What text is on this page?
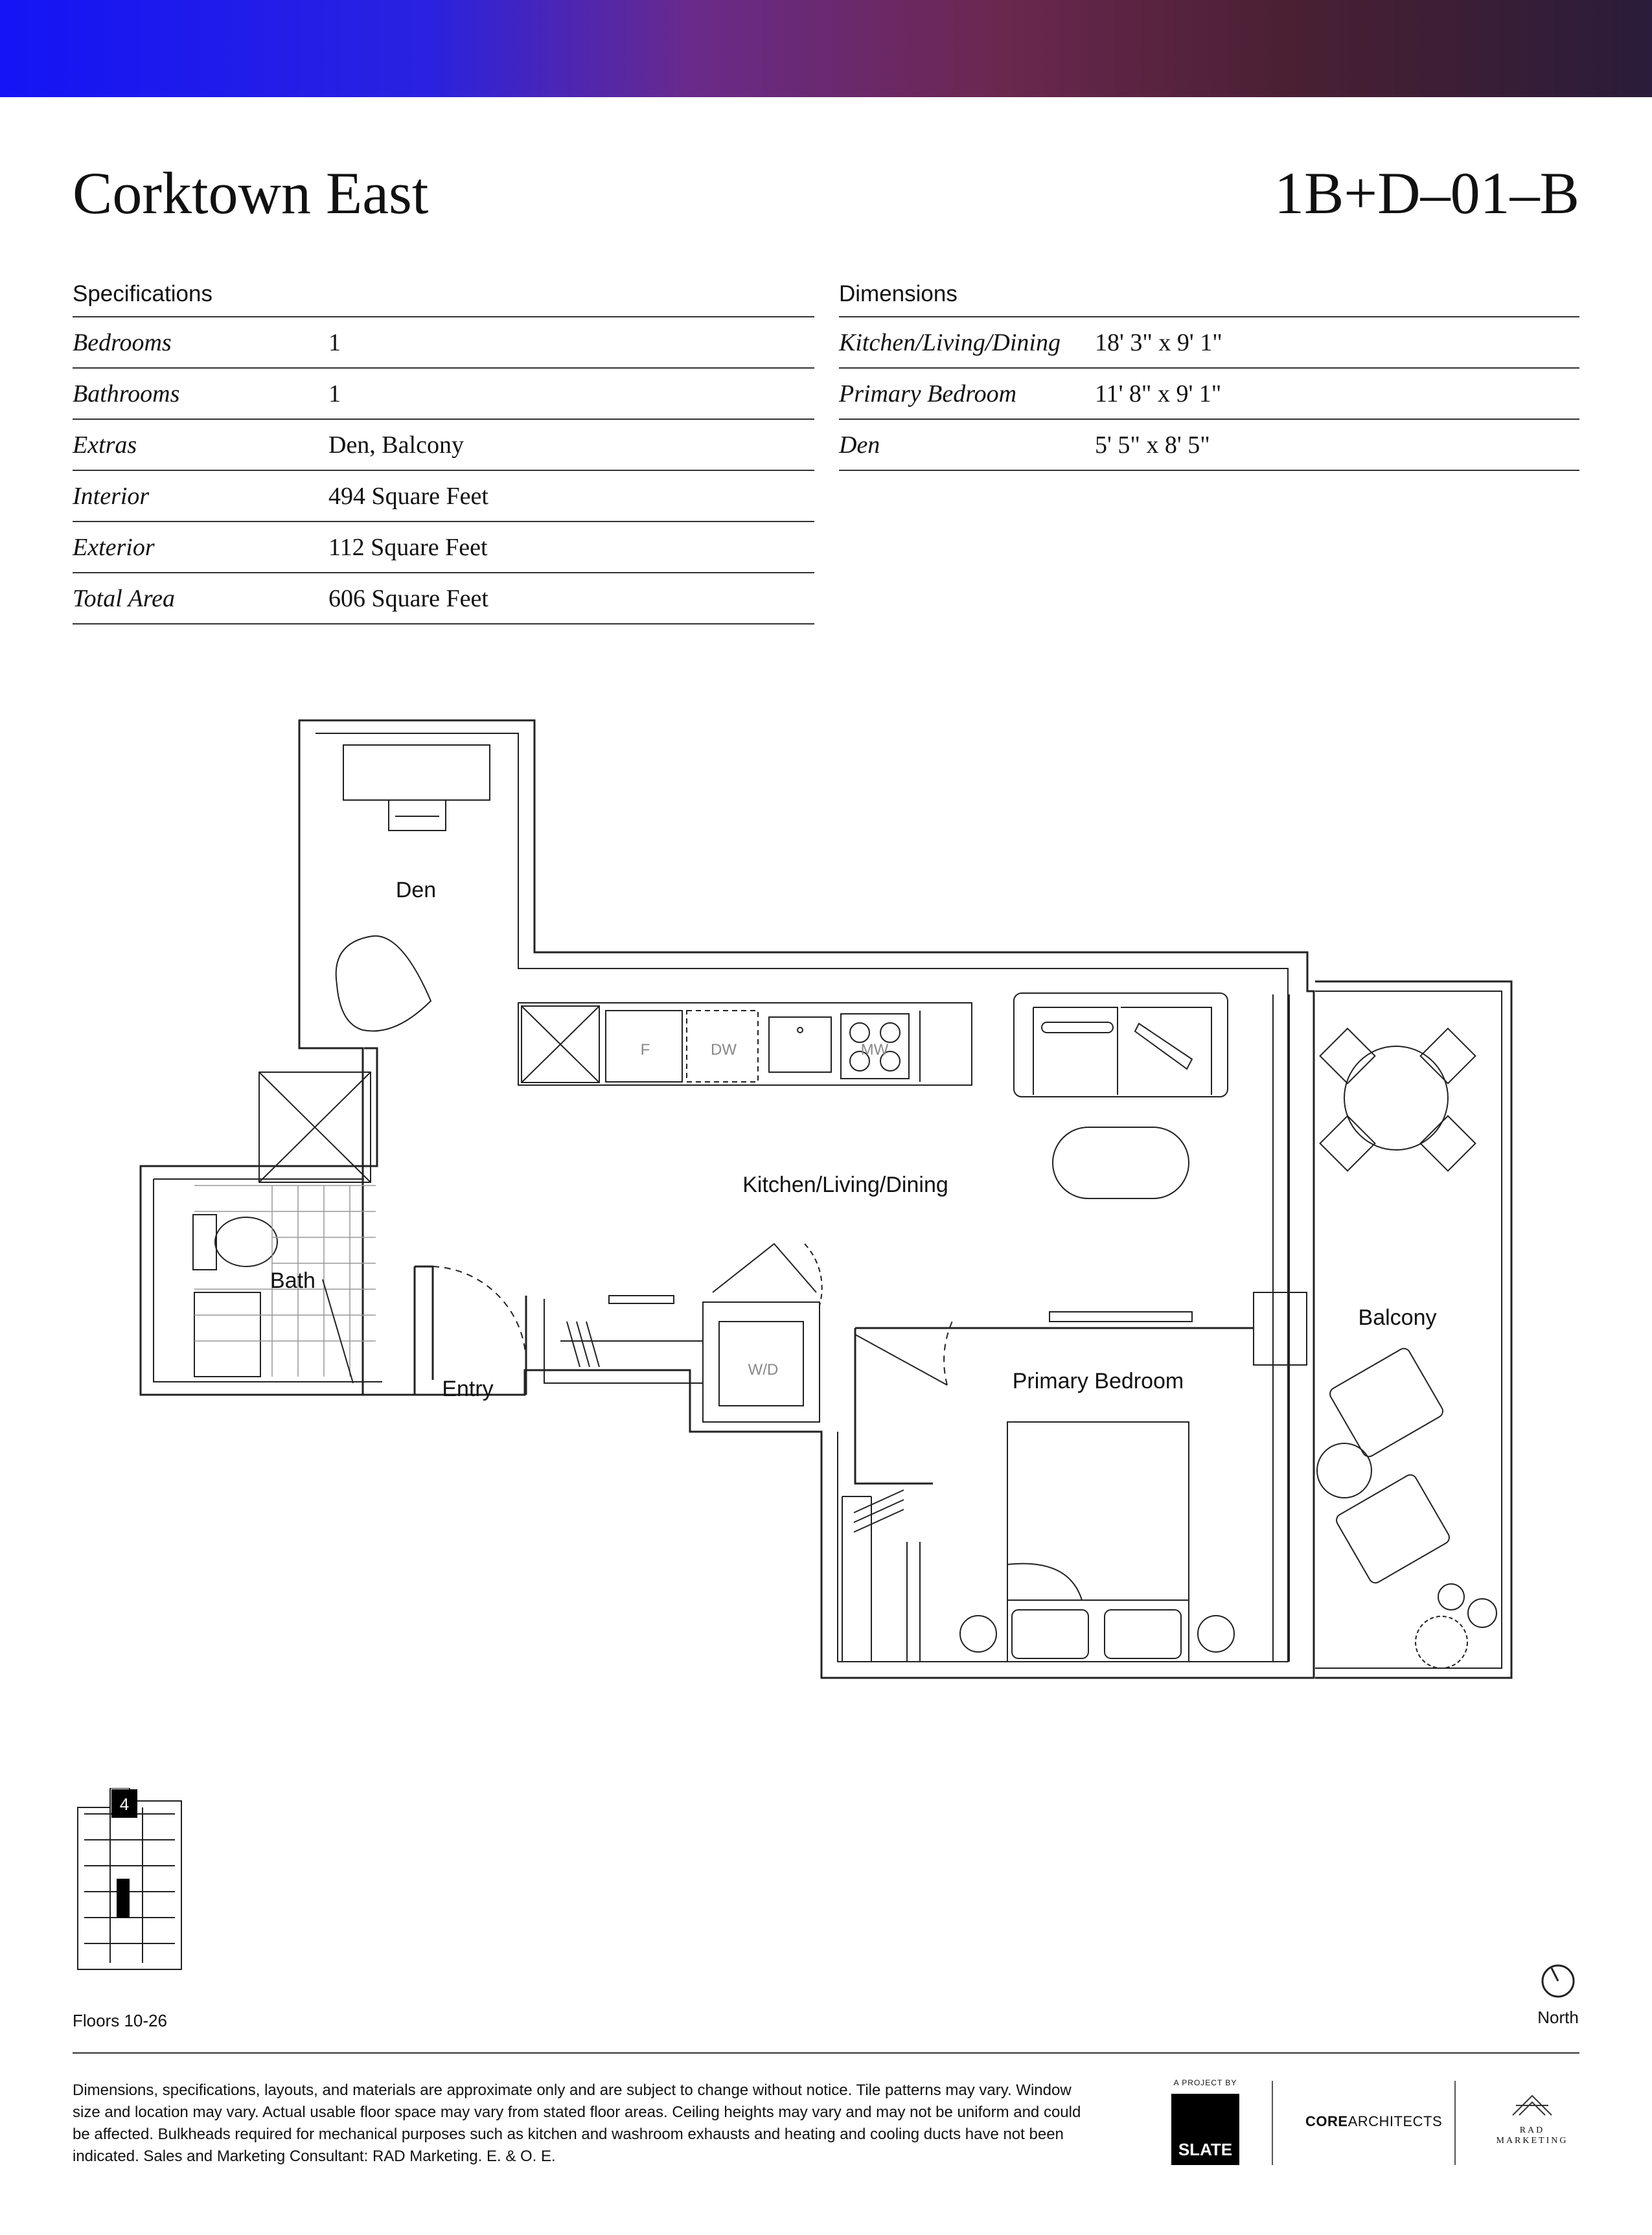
Corktown East	1B+D–01–B
Specifications
Bedrooms	1
Bathrooms	1
Extras	Den, Balcony
Interior	494 Square Feet
Exterior	112 Square Feet
Total Area	606 Square Feet
Dimensions
Kitchen/Living/Dining	18' 3" x 9' 1"
Primary Bedroom	11' 8" x 9' 1"
Den	5' 5" x 8' 5"
Den
Kitchen/Living/Dining
Bath
Entry	Primary Bedroom
Balcony
F	DW	MW
W/D
4
Floors 10-26	North
Dimensions, specifications, layouts, and materials are approximate only and are subject to change without notice. Tile patterns may vary. Window size and location may vary. Actual usable floor space may vary from stated floor areas. Ceiling heights may vary and may not be uniform and could be affected. Bulkheads required for mechanical purposes such as kitchen and washroom exhausts and heating and cooling ducts have not been indicated. Sales and Marketing Consultant: RAD Marketing. E. & O. E.
A PROJECT BY
SLATE
COREARCHITECTS
RAD MARKETING
